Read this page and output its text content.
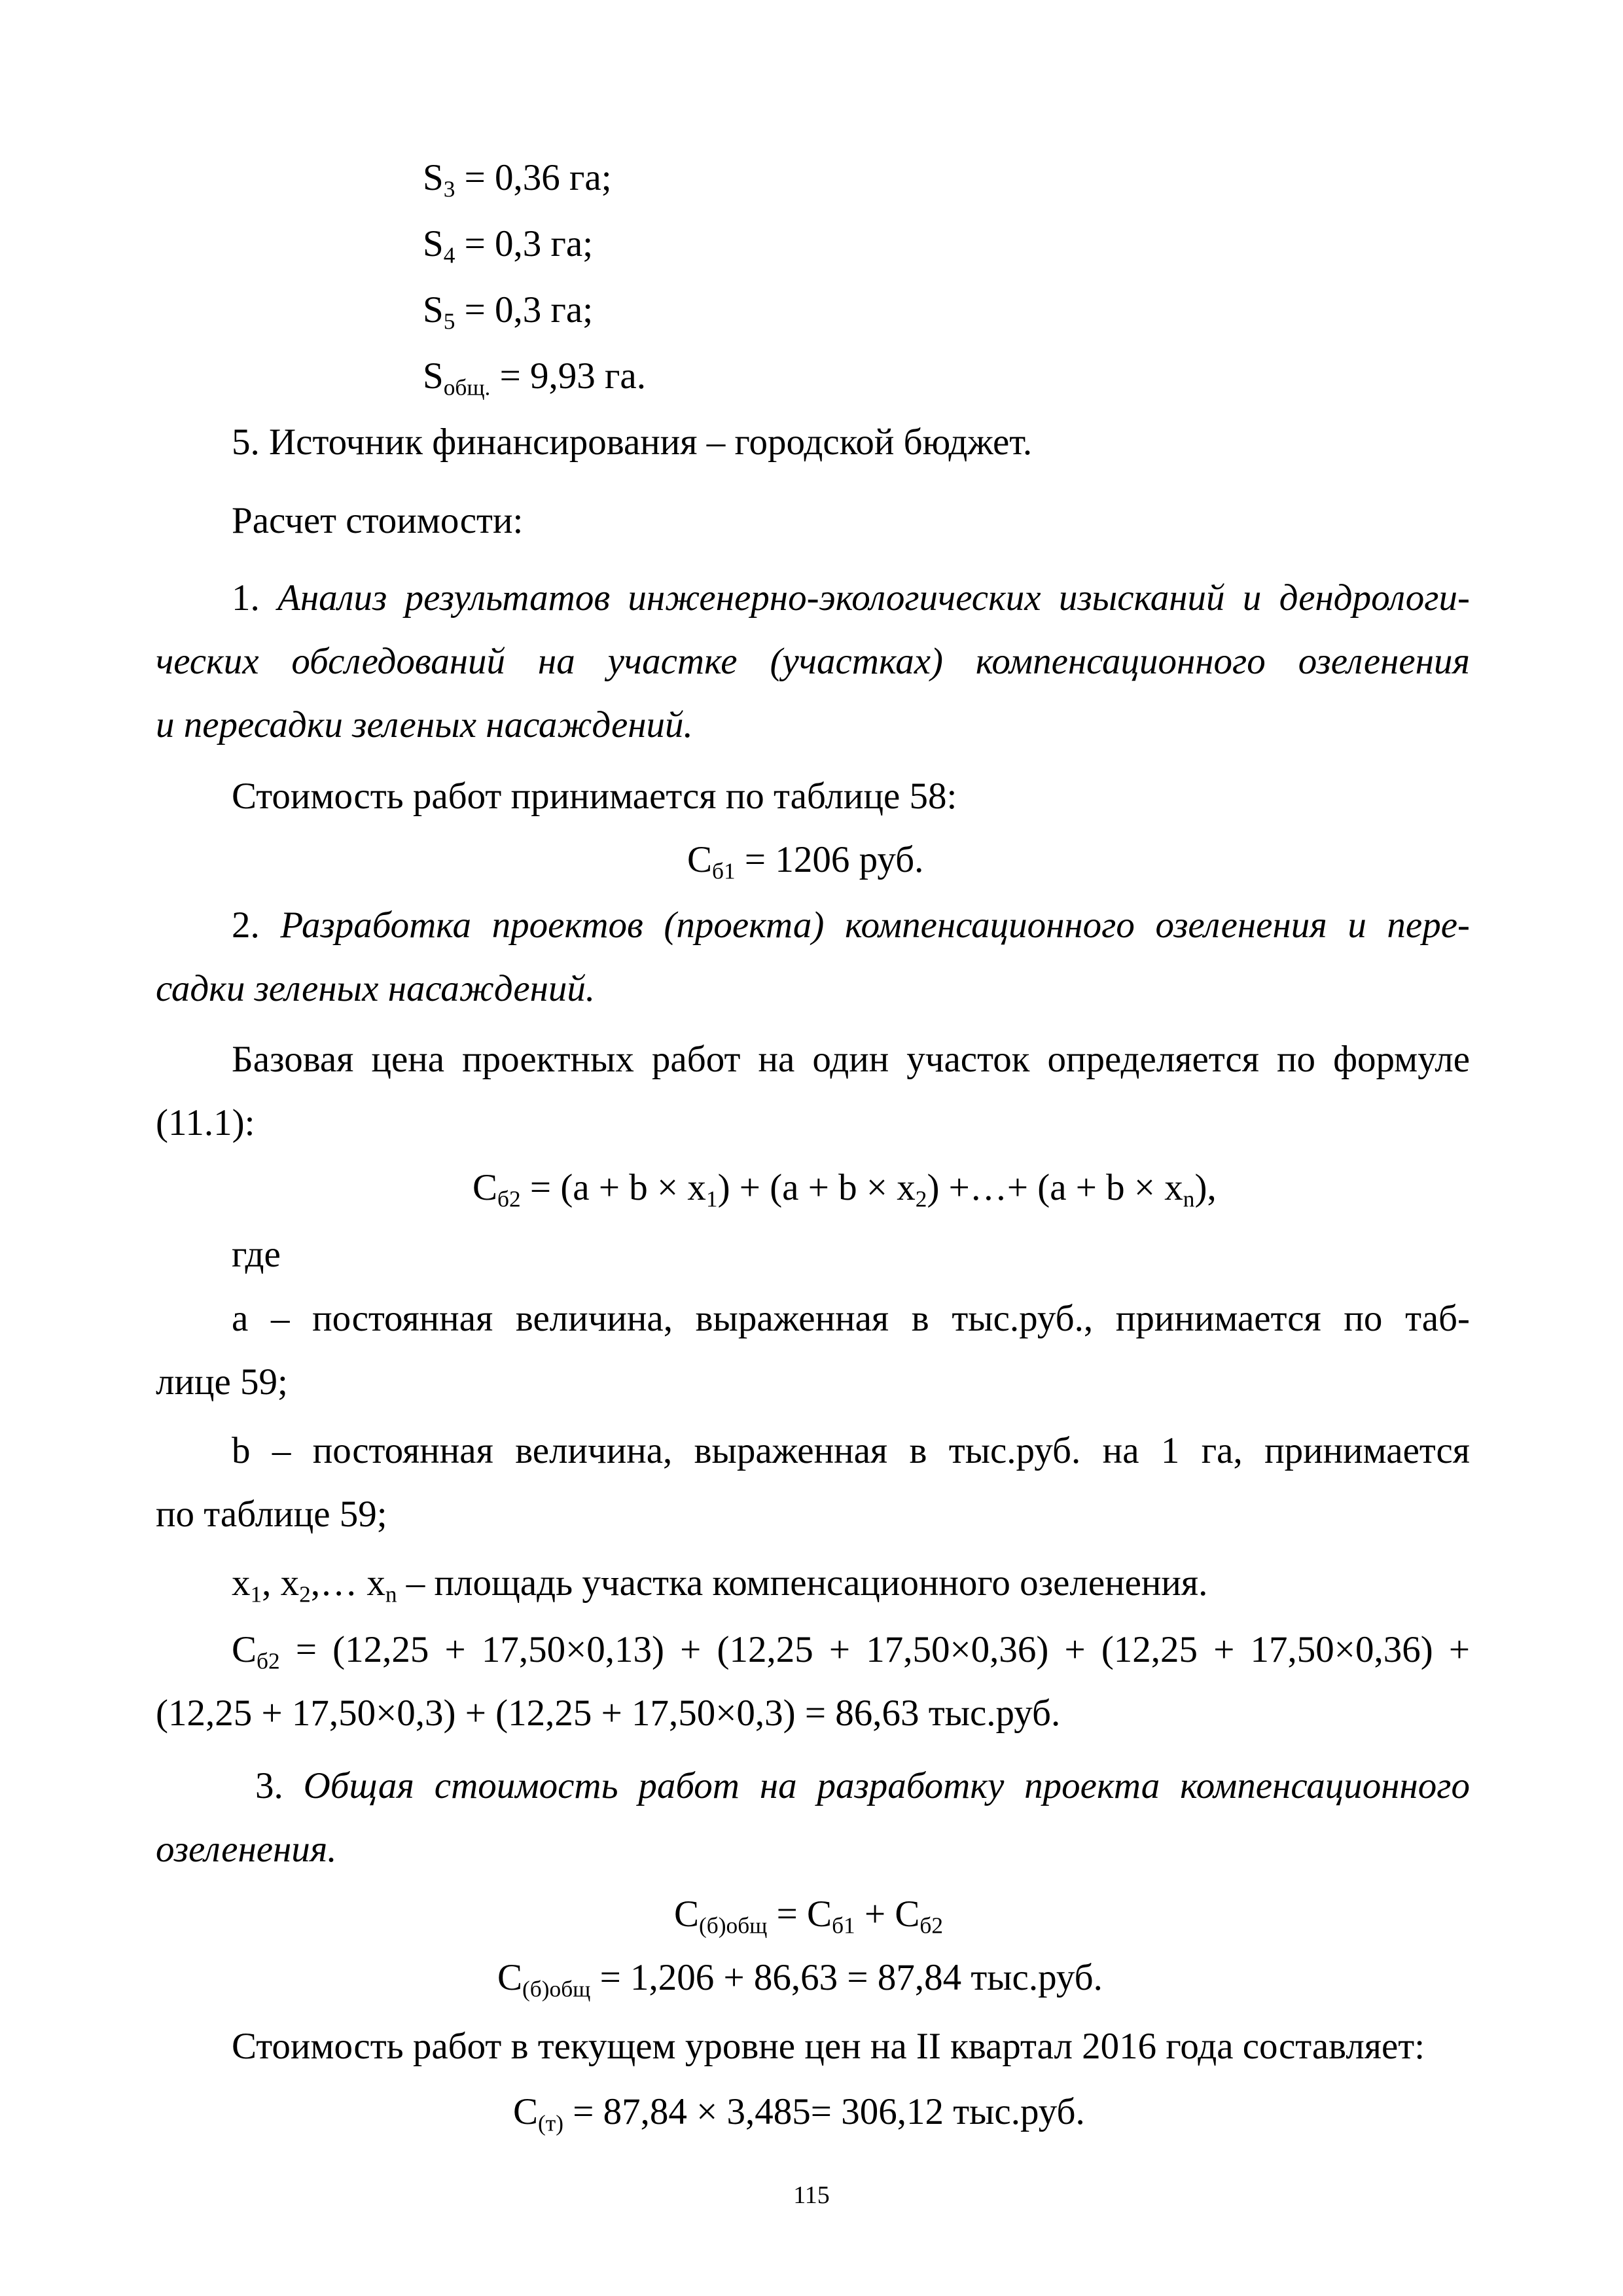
$S_3 = 0,36$ га;
$S_4 = 0,3$ га;
$S_5 = 0,3$ га;
$S_{общ.} = 9,93$ га.
5. Источник финансирования – городской бюджет.
Расчет стоимости:
1. Анализ результатов инженерно-экологических изысканий и дендрологи-
ческих обследований на участке (участках) компенсационного озеленения
и пересадки зеленых насаждений.
Стоимость работ принимается по таблице 58:
$С_{б1} = 1206$ руб.
2. Разработка проектов (проекта) компенсационного озеленения и пере-
садки зеленых насаждений.
Базовая цена проектных работ на один участок определяется по формуле
(11.1):
$С_{б2} = (a + b \times x_1) + (a + b \times x_2)$ +…+ $(a + b \times x_n)$,
где
a – постоянная величина, выраженная в тыс.руб., принимается по таб-
лице 59;
b – постоянная величина, выраженная в тыс.руб. на 1 га, принимается
по таблице 59;
$x_1$, $x_2,\dots$ $x_n$ – площадь участка компенсационного озеленения.
$С_{б2} = (12,25 + 17,50\times 0,13) + (12,25 + 17,50\times 0,36) + (12,25 + 17,50\times 0,36)$ +
(12,25 + 17,50×0,3) + (12,25 + 17,50×0,3) = 86,63 тыс.руб.
3. Общая стоимость работ на разработку проекта компенсационного
озеленения.
$С_{(б)общ} = С_{б1} + С_{б2}$
$С_{(б)общ} = 1,206 + 86,63 = 87,84$ тыс.руб.
Стоимость работ в текущем уровне цен на II квартал 2016 года составляет:
$С_{(т)} = 87,84 \times 3,485= 306,12$ тыс.руб.
115
